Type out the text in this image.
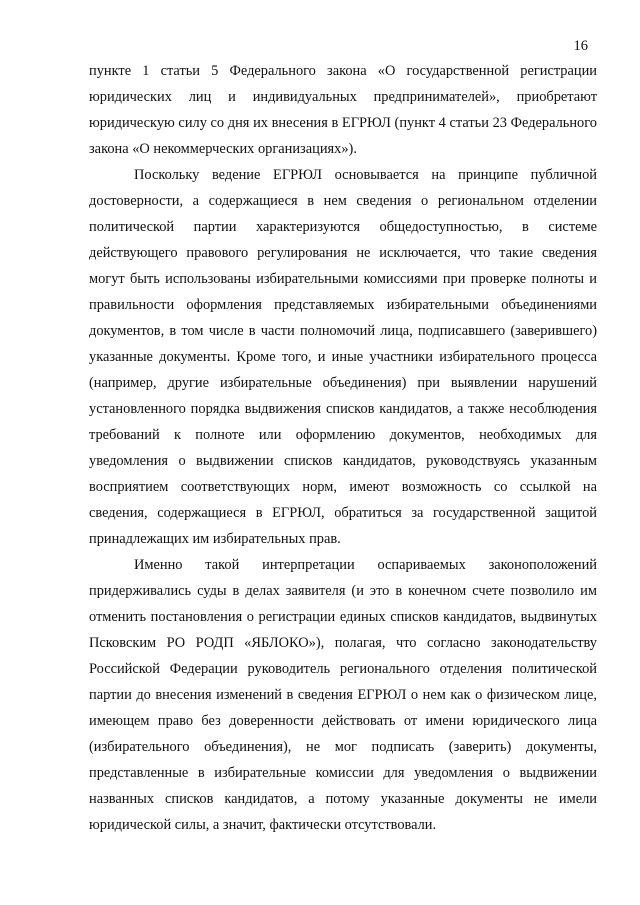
16

пункте 1 статьи 5 Федерального закона «О государственной регистрации юридических лиц и индивидуальных предпринимателей», приобретают юридическую силу со дня их внесения в ЕГРЮЛ (пункт 4 статьи 23 Федерального закона «О некоммерческих организациях»).

Поскольку ведение ЕГРЮЛ основывается на принципе публичной достоверности, а содержащиеся в нем сведения о региональном отделении политической партии характеризуются общедоступностью, в системе действующего правового регулирования не исключается, что такие сведения могут быть использованы избирательными комиссиями при проверке полноты и правильности оформления представляемых избирательными объединениями документов, в том числе в части полномочий лица, подписавшего (заверившего) указанные документы. Кроме того, и иные участники избирательного процесса (например, другие избирательные объединения) при выявлении нарушений установленного порядка выдвижения списков кандидатов, а также несоблюдения требований к полноте или оформлению документов, необходимых для уведомления о выдвижении списков кандидатов, руководствуясь указанным восприятием соответствующих норм, имеют возможность со ссылкой на сведения, содержащиеся в ЕГРЮЛ, обратиться за государственной защитой принадлежащих им избирательных прав.

Именно такой интерпретации оспариваемых законоположений придерживались суды в делах заявителя (и это в конечном счете позволило им отменить постановления о регистрации единых списков кандидатов, выдвинутых Псковским РО РОДП «ЯБЛОКО»), полагая, что согласно законодательству Российской Федерации руководитель регионального отделения политической партии до внесения изменений в сведения ЕГРЮЛ о нем как о физическом лице, имеющем право без доверенности действовать от имени юридического лица (избирательного объединения), не мог подписать (заверить) документы, представленные в избирательные комиссии для уведомления о выдвижении названных списков кандидатов, а потому указанные документы не имели юридической силы, а значит, фактически отсутствовали.
